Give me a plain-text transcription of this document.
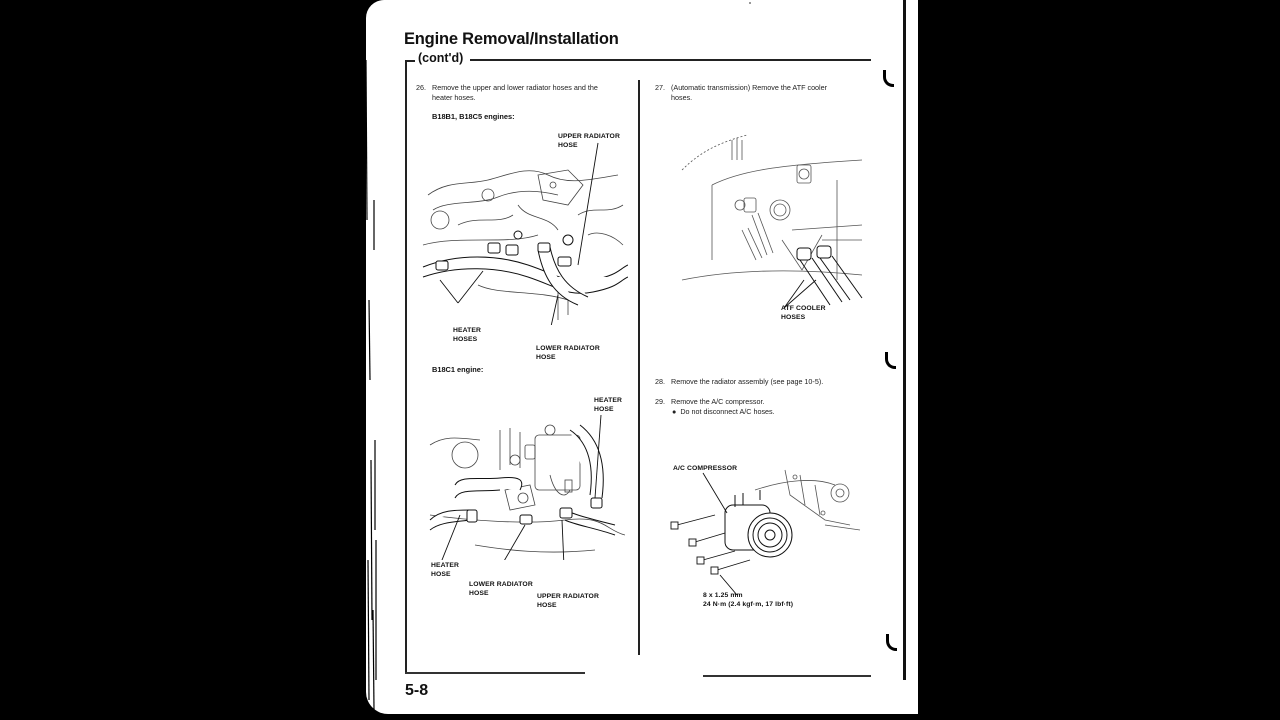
Engine Removal/Installation
(cont'd)
26. Remove the upper and lower radiator hoses and the
heater hoses.
B18B1, B18C5 engines:
UPPER RADIATOR
HOSE
HEATER
HOSES
LOWER RADIATOR
HOSE
B18C1 engine:
HEATER
HOSE
HEATER
HOSE
LOWER RADIATOR
HOSE	UPPER RADIATOR
HOSE
27. (Automatic transmission) Remove the ATF cooler
hoses.
ATF COOLER
HOSES
28. Remove the radiator assembly (see page 10-5).
29. Remove the A/C compressor.
● Do not disconnect A/C hoses.
A/C COMPRESSOR
8 x 1.25 mm
24 N·m (2.4 kgf·m, 17 lbf·ft)
5-8
